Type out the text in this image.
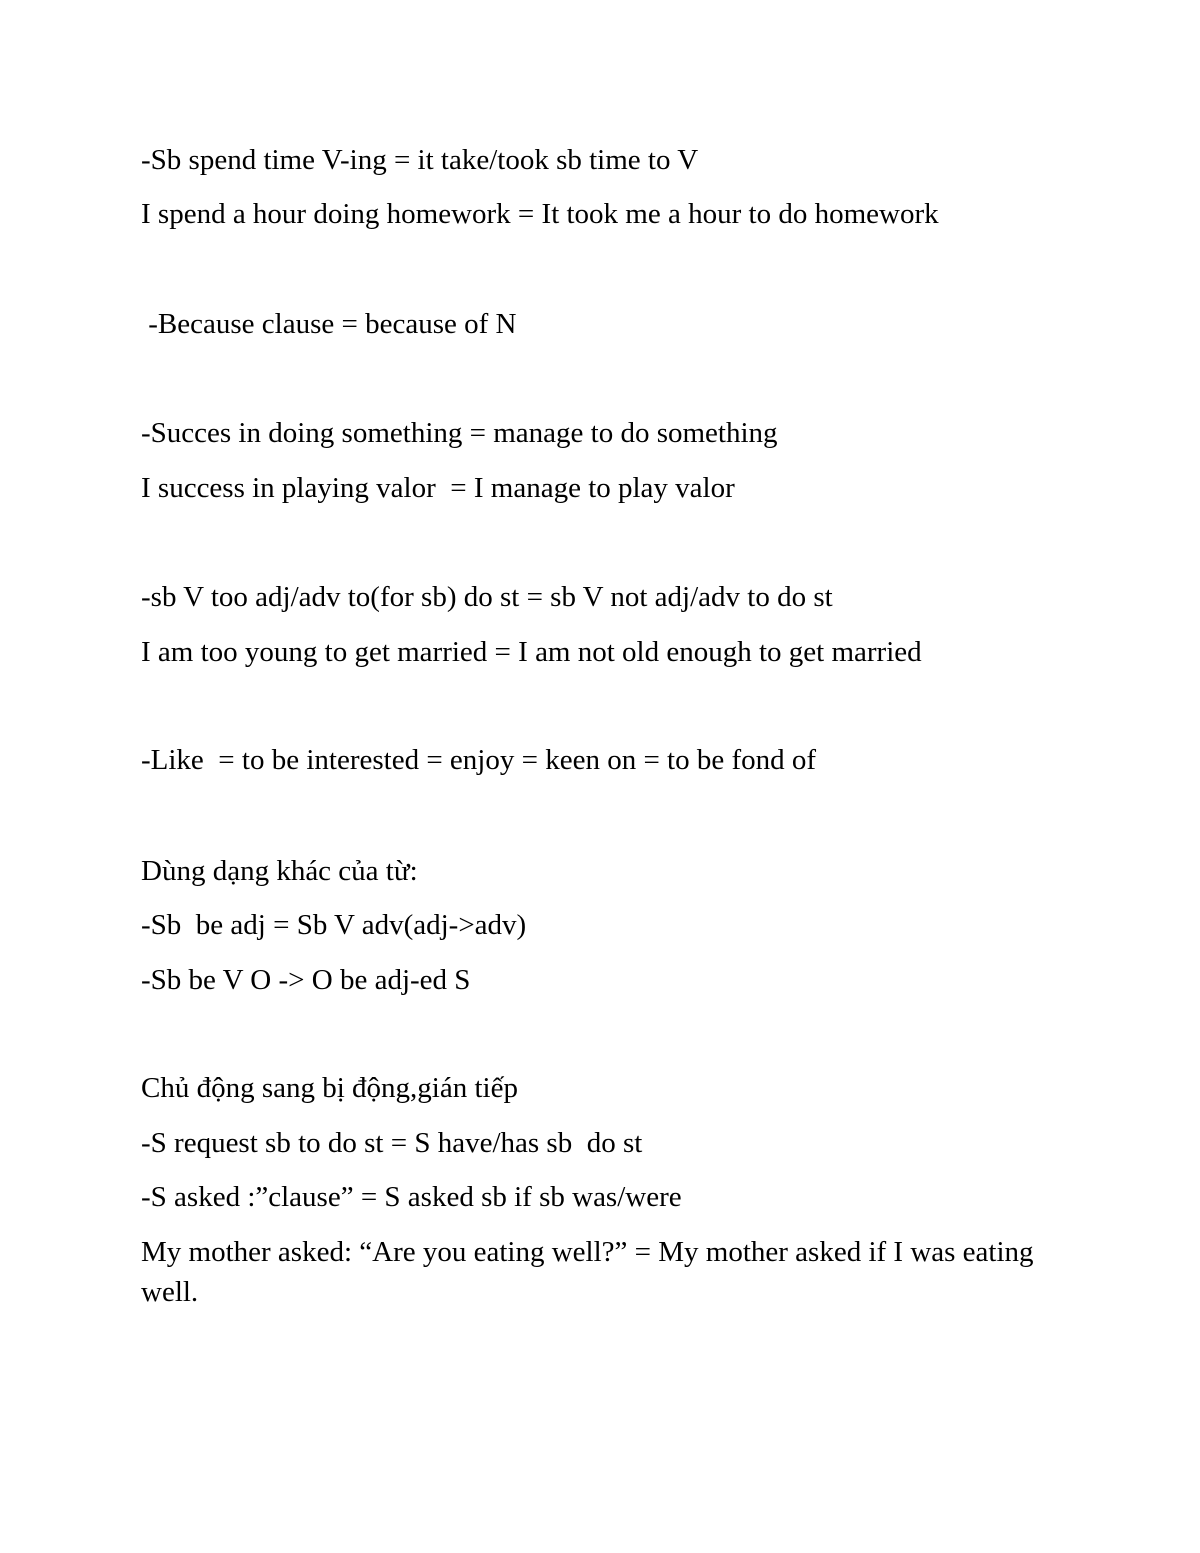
-Sb spend time V-ing = it take/took sb time to V
I spend a hour doing homework = It took me a hour to do homework
-Because clause = because of N
-Succes in doing something = manage to do something
I success in playing valor  = I manage to play valor
-sb V too adj/adv to(for sb) do st = sb V not adj/adv to do st
I am too young to get married = I am not old enough to get married
-Like  = to be interested = enjoy = keen on = to be fond of
Dùng dạng khác của từ:
-Sb  be adj = Sb V adv(adj->adv)
-Sb be V O -> O be adj-ed S
Chủ động sang bị động,gián tiếp
-S request sb to do st = S have/has sb  do st
-S asked :”clause” = S asked sb if sb was/were
My mother asked: “Are you eating well?” = My mother asked if I was eating well.
